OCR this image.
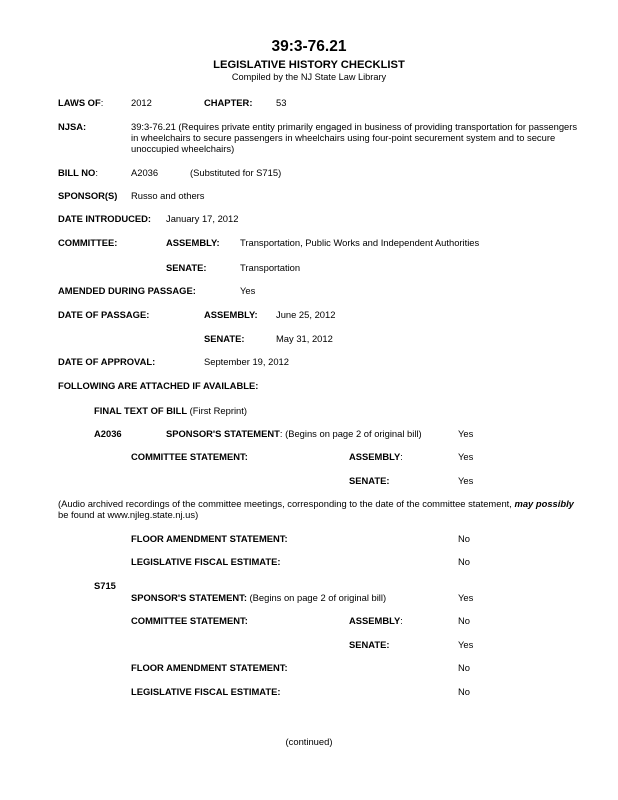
39:3-76.21
LEGISLATIVE HISTORY CHECKLIST
Compiled by the NJ State Law Library
LAWS OF:	2012	CHAPTER:	53
NJSA:	39:3-76.21 (Requires private entity primarily engaged in business of providing transportation for passengers
in wheelchairs to secure passengers in wheelchairs using four-point securement system and to secure
unoccupied wheelchairs)
BILL NO:	A2036	(Substituted for S715)
SPONSOR(S) Russo and others
DATE INTRODUCED: January 17, 2012
COMMITTEE:	ASSEMBLY: Transportation, Public Works and Independent Authorities
SENATE:	Transportation
AMENDED DURING PASSAGE:	Yes
DATE OF PASSAGE:	ASSEMBLY: June 25, 2012
SENATE:	May 31, 2012
DATE OF APPROVAL:	September 19, 2012
FOLLOWING ARE ATTACHED IF AVAILABLE:
FINAL TEXT OF BILL (First Reprint)
A2036	SPONSOR'S STATEMENT: (Begins on page 2 of original bill)	Yes
COMMITTEE STATEMENT:	ASSEMBLY:	Yes
SENATE:	Yes
(Audio archived recordings of the committee meetings, corresponding to the date of the committee statement, may possibly
be found at www.njleg.state.nj.us)
FLOOR AMENDMENT STATEMENT:	No
LEGISLATIVE FISCAL ESTIMATE:	No
S715
SPONSOR'S STATEMENT: (Begins on page 2 of original bill)	Yes
COMMITTEE STATEMENT:	ASSEMBLY:	No
SENATE:	Yes
FLOOR AMENDMENT STATEMENT:	No
LEGISLATIVE FISCAL ESTIMATE:	No
(continued)
